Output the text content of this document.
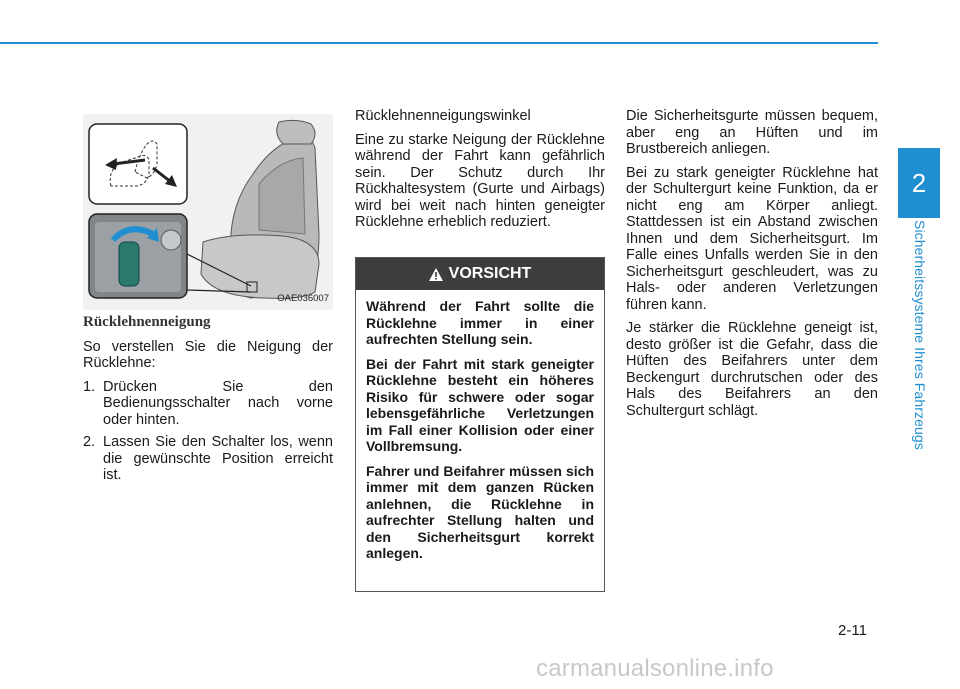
2
Sicherheitssysteme Ihres Fahrzeugs
OAE036007
Rücklehnenneigung

So verstellen Sie die Neigung der Rücklehne:

1. Drücken Sie den Bedienungsschalter nach vorne oder hinten.
2. Lassen Sie den Schalter los, wenn die gewünschte Position erreicht ist.

Rücklehnenneigungswinkel

Eine zu starke Neigung der Rücklehne während der Fahrt kann gefährlich sein. Der Schutz durch Ihr Rückhaltesystem (Gurte und Airbags) wird bei weit nach hinten geneigter Rücklehne erheblich reduziert.

VORSICHT

Während der Fahrt sollte die Rücklehne immer in einer aufrechten Stellung sein.

Bei der Fahrt mit stark geneigter Rücklehne besteht ein höheres Risiko für schwere oder sogar lebensgefährliche Verletzungen im Fall einer Kollision oder einer Vollbremsung.

Fahrer und Beifahrer müssen sich immer mit dem ganzen Rücken anlehnen, die Rücklehne in aufrechter Stellung halten und den Sicherheitsgurt korrekt anlegen.

Die Sicherheitsgurte müssen bequem, aber eng an Hüften und im Brustbereich anliegen.

Bei zu stark geneigter Rücklehne hat der Schultergurt keine Funktion, da er nicht eng am Körper anliegt. Stattdessen ist ein Abstand zwischen Ihnen und dem Sicherheitsgurt. Im Falle eines Unfalls werden Sie in den Sicherheitsgurt geschleudert, was zu Hals- oder anderen Verletzungen führen kann.

Je stärker die Rücklehne geneigt ist, desto größer ist die Gefahr, dass die Hüften des Beifahrers unter dem Beckengurt durchrutschen oder des Hals des Beifahrers an den Schultergurt schlägt.

2-11
carmanualsonline.info
